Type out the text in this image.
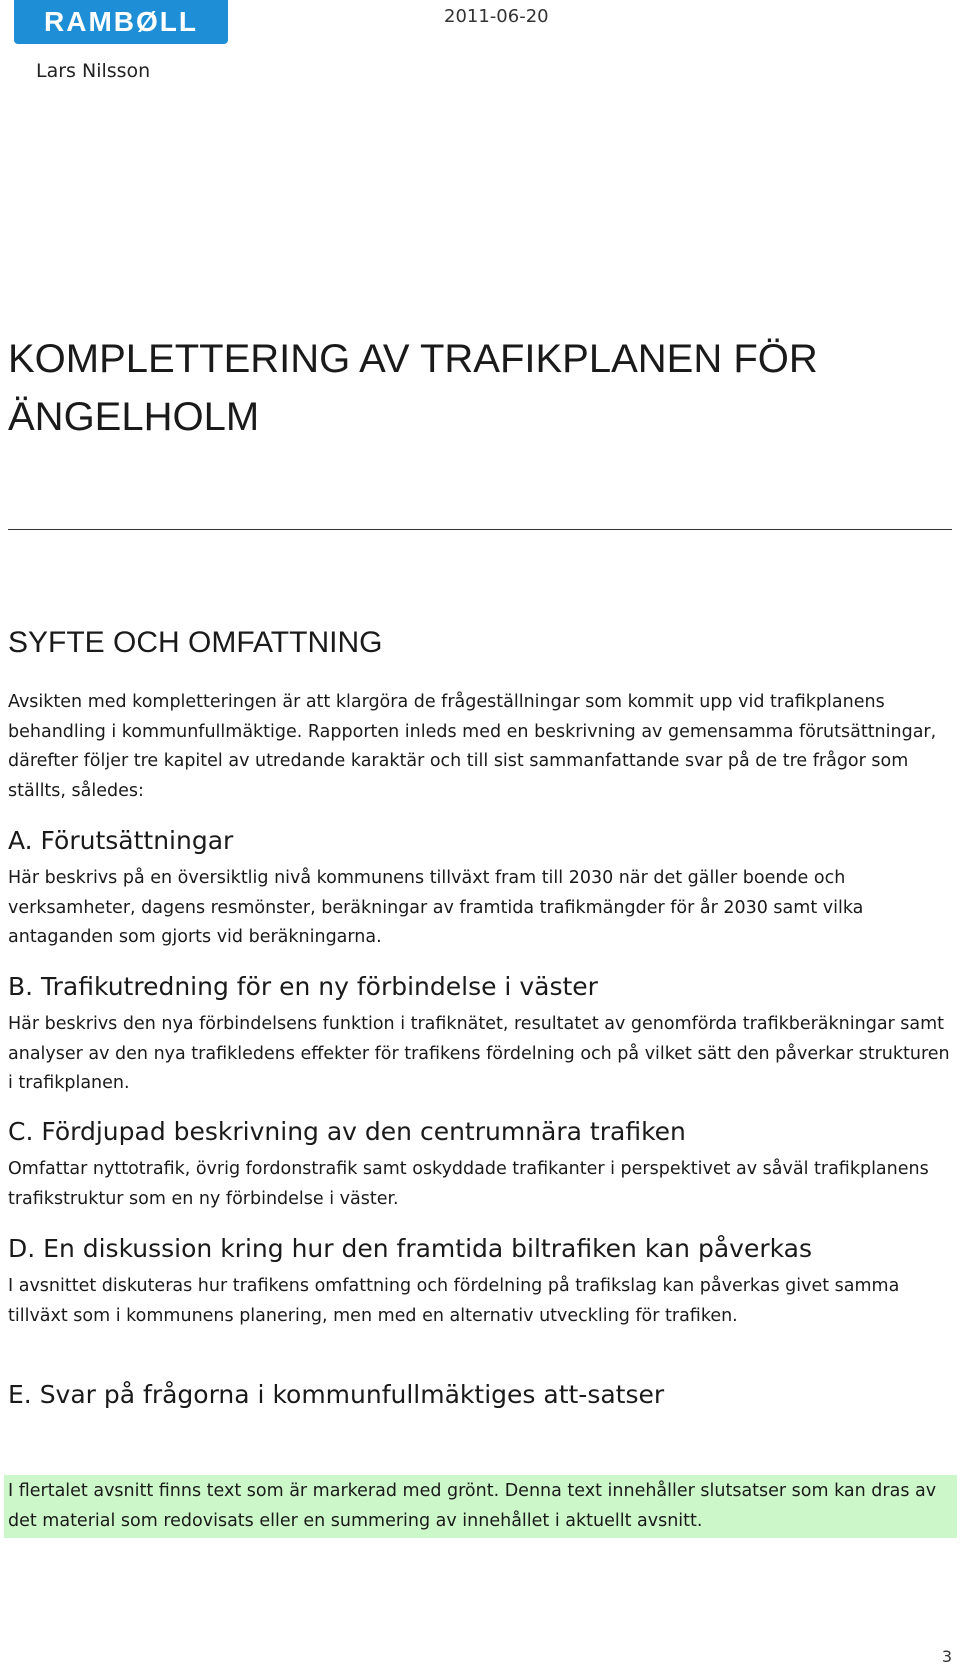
RAMBØLL	2011-06-20
Lars Nilsson
KOMPLETTERING AV TRAFIKPLANEN FÖR
ÄNGELHOLM
SYFTE OCH OMFATTNING

Avsikten med kompletteringen är att klargöra de frågeställningar som kommit upp vid trafikplanens behandling i kommunfullmäktige. Rapporten inleds med en beskrivning av gemensamma förutsättningar, därefter följer tre kapitel av utredande karaktär och till sist sammanfattande svar på de tre frågor som ställts, således:

A. Förutsättningar

Här beskrivs på en översiktlig nivå kommunens tillväxt fram till 2030 när det gäller boende och verksamheter, dagens resmönster, beräkningar av framtida trafikmängder för år 2030 samt vilka antaganden som gjorts vid beräkningarna.

B. Trafikutredning för en ny förbindelse i väster

Här beskrivs den nya förbindelsens funktion i trafiknätet, resultatet av genomförda trafikberäkningar samt analyser av den nya trafikledens effekter för trafikens fördelning och på vilket sätt den påverkar strukturen i trafikplanen.

C. Fördjupad beskrivning av den centrumnära trafiken

Omfattar nyttotrafik, övrig fordonstrafik samt oskyddade trafikanter i perspektivet av såväl trafikplanens trafikstruktur som en ny förbindelse i väster.

D. En diskussion kring hur den framtida biltrafiken kan påverkas

I avsnittet diskuteras hur trafikens omfattning och fördelning på trafikslag kan påverkas givet samma tillväxt som i kommunens planering, men med en alternativ utveckling för trafiken.

E. Svar på frågorna i kommunfullmäktiges att-satser
I flertalet avsnitt finns text som är markerad med grönt. Denna text innehåller slutsatser som kan dras av det material som redovisats eller en summering av innehållet i aktuellt avsnitt.
3
